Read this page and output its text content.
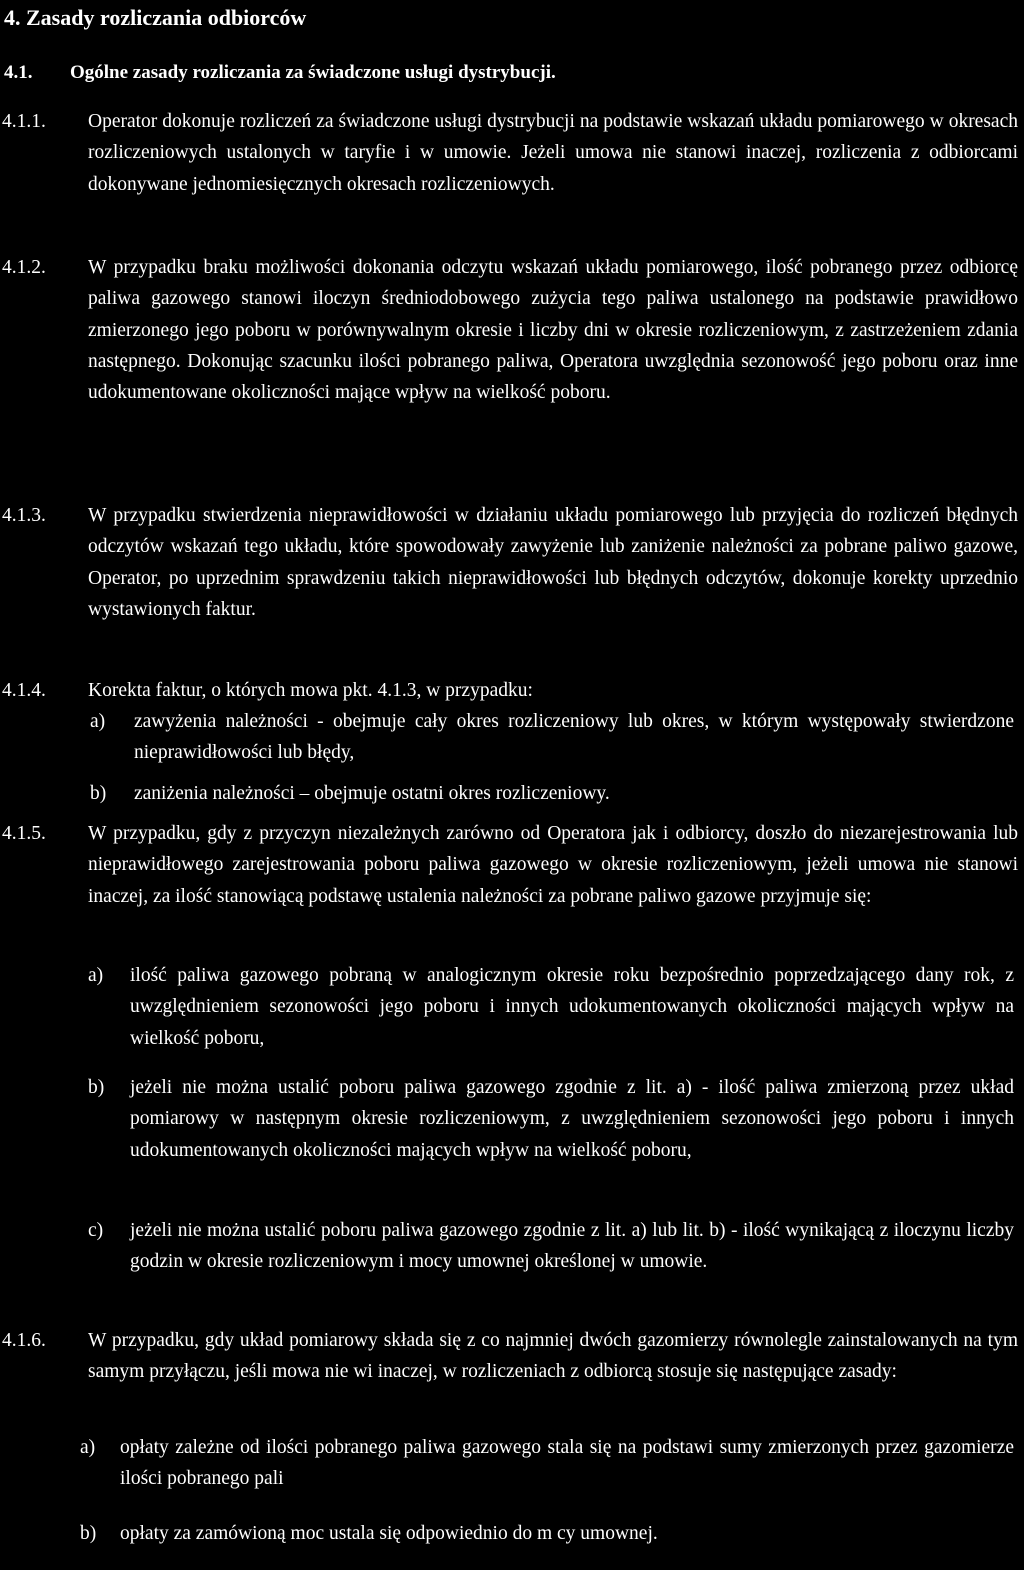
4. Zasady rozliczania odbiorców
4.1. Ogólne zasady rozliczania za świadczone usługi dystrybucji.
4.1.1. Operator dokonuje rozliczeń za świadczone usługi dystrybucji na podstawie wskazań układu pomiarowego w okresach rozliczeniowych ustalonych w taryfie i w umowie. Jeżeli umowa nie stanowi inaczej, rozliczenia z odbiorcami dokonywane jednomiesięcznych okresach rozliczeniowych.
4.1.2. W przypadku braku możliwości dokonania odczytu wskazań układu pomiarowego, ilość pobranego przez odbiorcę paliwa gazowego stanowi iloczyn średniodobowego zużycia tego paliwa ustalonego na podstawie prawidłowo zmierzonego jego poboru w porównywalnym okresie i liczby dni w okresie rozliczeniowym, z zastrzeżeniem zdania następnego. Dokonując szacunku ilości pobranego paliwa, Operatora uwzględnia sezonowość jego poboru oraz inne udokumentowane okoliczności mające wpływ na wielkość poboru.
4.1.3. W przypadku stwierdzenia nieprawidłowości w działaniu układu pomiarowego lub przyjęcia do rozliczeń błędnych odczytów wskazań tego układu, które spowodowały zawyżenie lub zaniżenie należności za pobrane paliwo gazowe, Operator, po uprzednim sprawdzeniu takich nieprawidłowości lub błędnych odczytów, dokonuje korekty uprzednio wystawionych faktur.
4.1.4. Korekta faktur, o których mowa pkt. 4.1.3, w przypadku:
a) zawyżenia należności - obejmuje cały okres rozliczeniowy lub okres, w którym występowały stwierdzone nieprawidłowości lub błędy,
b) zaniżenia należności – obejmuje ostatni okres rozliczeniowy.
4.1.5. W przypadku, gdy z przyczyn niezależnych zarówno od Operatora jak i odbiorcy, doszło do niezarejestrowania lub nieprawidłowego zarejestrowania poboru paliwa gazowego w okresie rozliczeniowym, jeżeli umowa nie stanowi inaczej, za ilość stanowiącą podstawę ustalenia należności za pobrane paliwo gazowe przyjmuje się:
a) ilość paliwa gazowego pobraną w analogicznym okresie roku bezpośrednio poprzedzającego dany rok, z uwzględnieniem sezonowości jego poboru i innych udokumentowanych okoliczności mających wpływ na wielkość poboru,
b) jeżeli nie można ustalić poboru paliwa gazowego zgodnie z lit. a) - ilość paliwa zmierzoną przez układ pomiarowy w następnym okresie rozliczeniowym, z uwzględnieniem sezonowości jego poboru i innych udokumentowanych okoliczności mających wpływ na wielkość poboru,
c) jeżeli nie można ustalić poboru paliwa gazowego zgodnie z lit. a) lub lit. b) - ilość wynikającą z iloczynu liczby godzin w okresie rozliczeniowym i mocy umownej określonej w umowie.
4.1.6. W przypadku, gdy układ pomiarowy składa się z co najmniej dwóch gazomierzy równolegle zainstalowanych na tym samym przyłączu, jeśli mowa nie wi inaczej, w rozliczeniach z odbiorcą stosuje się następujące zasady:
a) opłaty zależne od ilości pobranego paliwa gazowego stala się na podstawi sumy zmierzonych przez gazomierze ilości pobranego pali
b) opłaty za zamówioną moc ustala się odpowiednio do m cy umownej.
